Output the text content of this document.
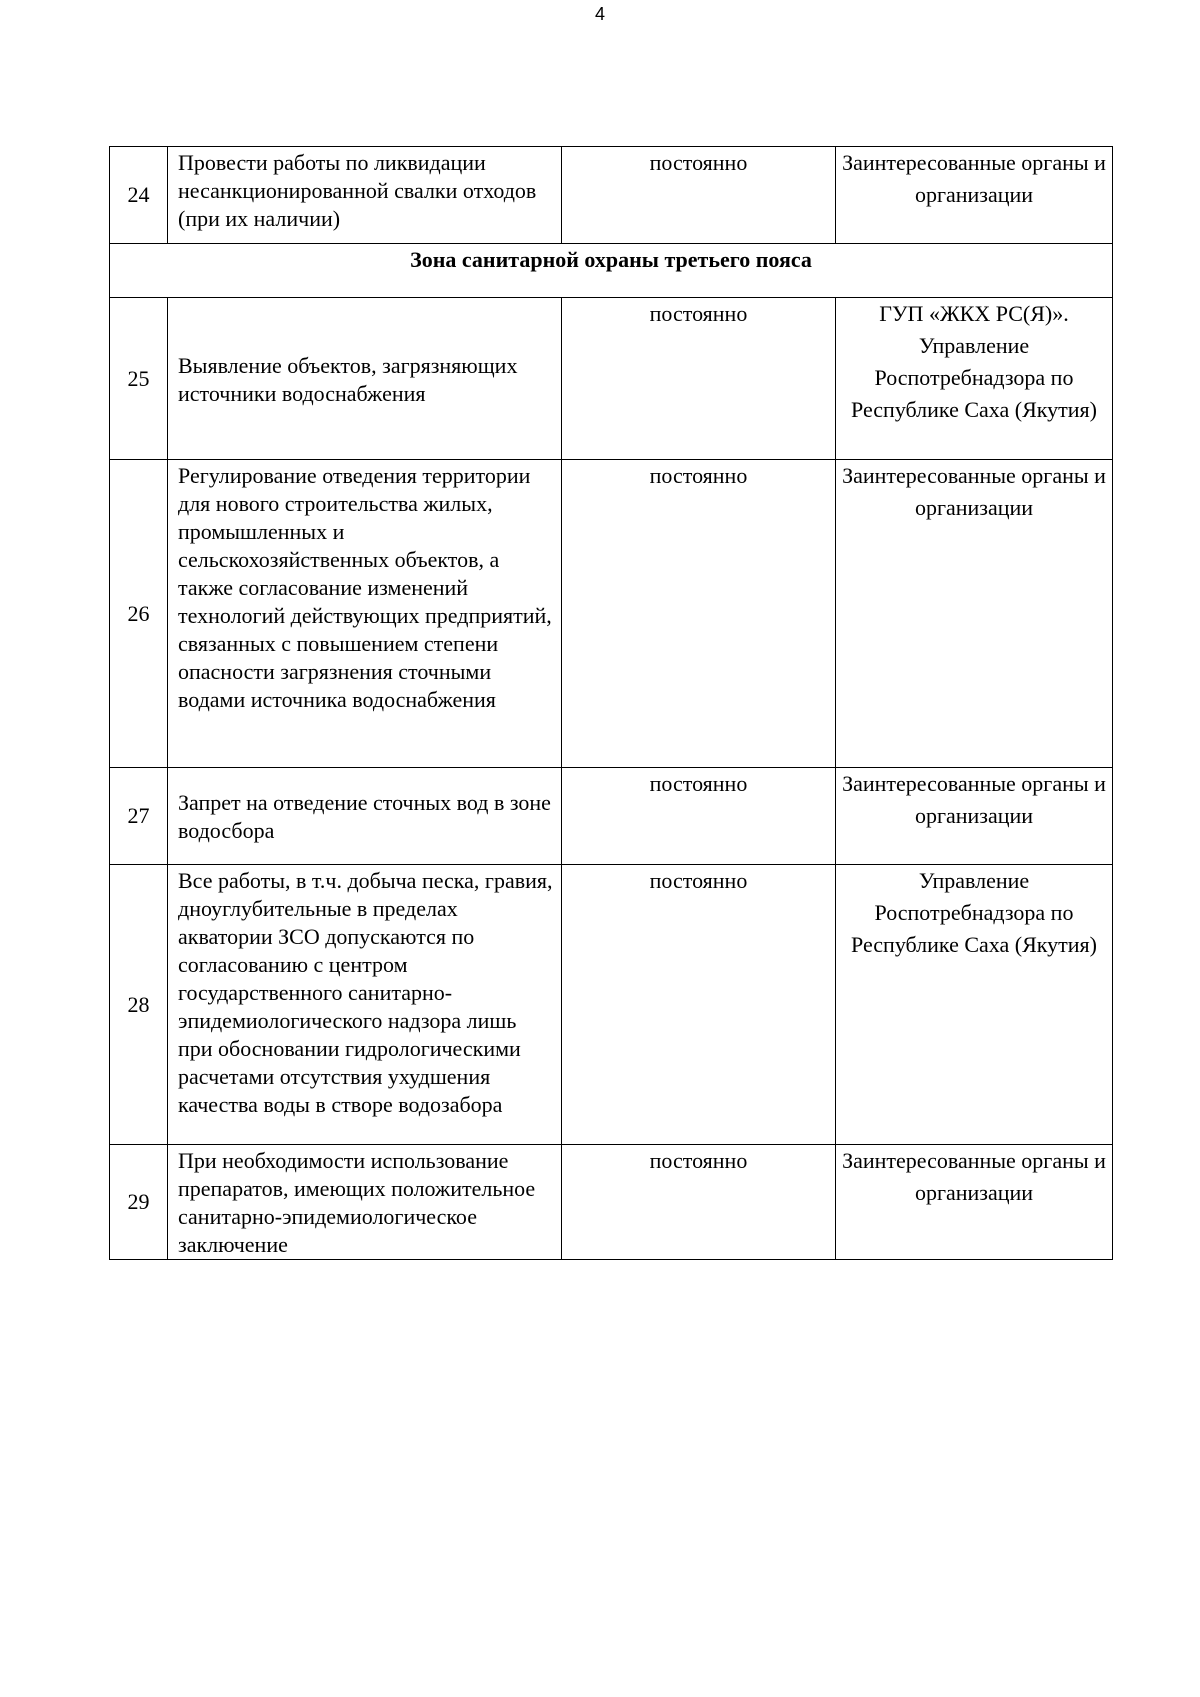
4
24	Провести работы по ликвидации несанкционированной свалки отходов (при их наличии)	постоянно	Заинтересованные органы и организации
Зона санитарной охраны третьего пояса			
25	Выявление объектов, загрязняющих источники водоснабжения	постоянно	ГУП «ЖКХ РС(Я)». Управление Роспотребнадзора по Республике Саха (Якутия)
26	Регулирование отведения территории для нового строительства жилых, промышленных и сельскохозяйственных объектов, а также согласование изменений технологий действующих предприятий, связанных с повышением степени опасности загрязнения сточными водами источника водоснабжения	постоянно	Заинтересованные органы и организации
27	Запрет на отведение сточных вод в зоне водосбора	постоянно	Заинтересованные органы и организации
28	Все работы, в т.ч. добыча песка, гравия, дноуглубительные в пределах акватории ЗСО допускаются по согласованию с центром государственного санитарно-эпидемиологического надзора лишь при обосновании гидрологическими расчетами отсутствия ухудшения качества воды в створе водозабора	постоянно	Управление Роспотребнадзора по Республике Саха (Якутия)
29	При необходимости использование препаратов, имеющих положительное санитарно-эпидемиологическое заключение	постоянно	Заинтересованные органы и организации
